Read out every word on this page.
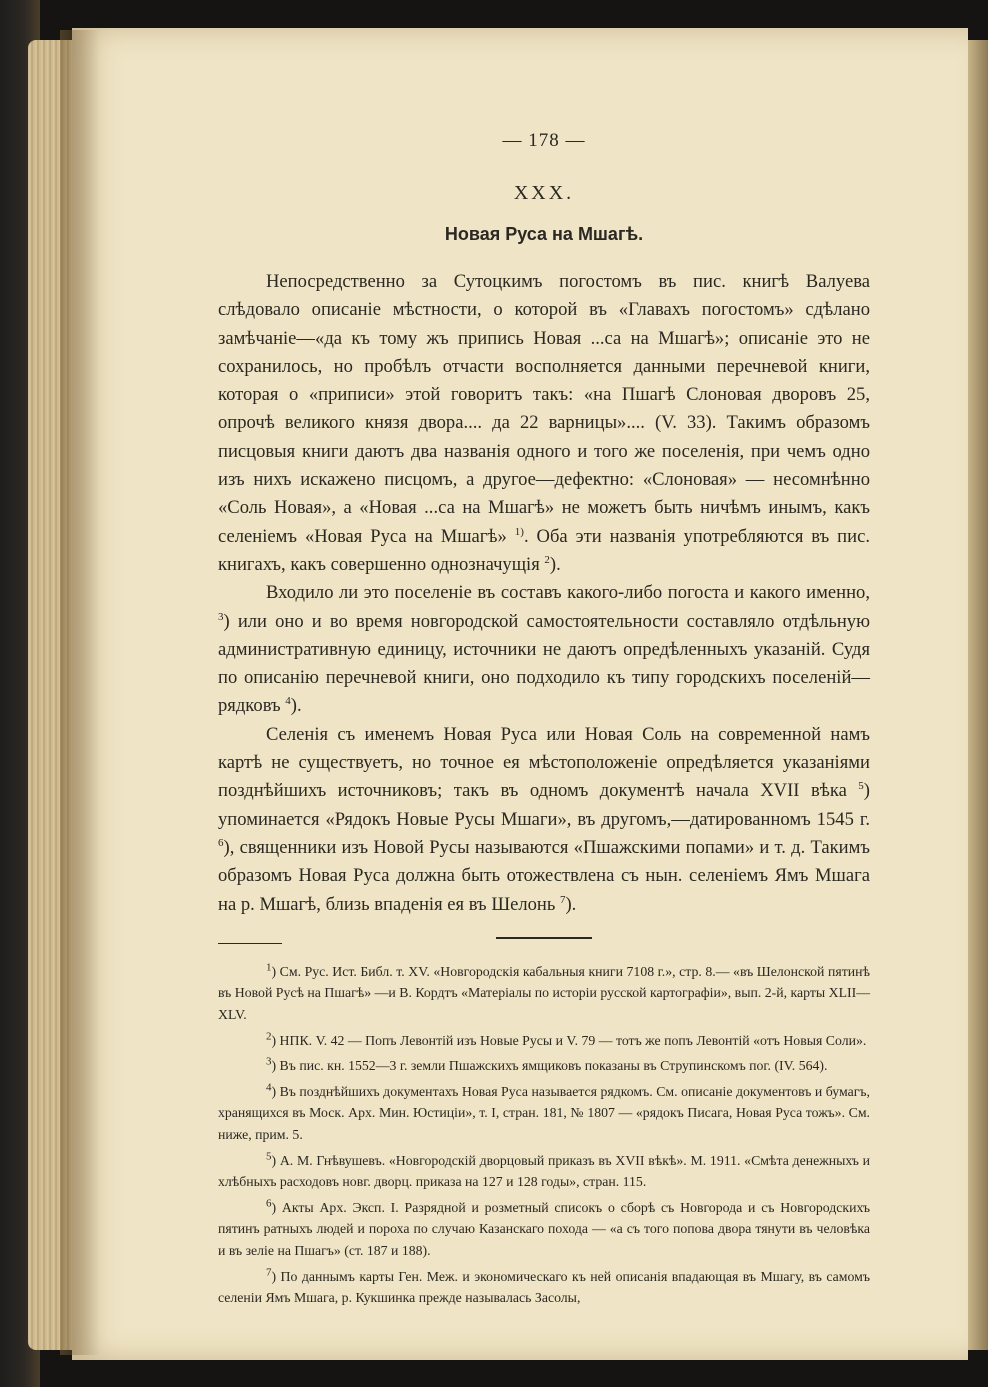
— 178 —
XXX.
Новая Руса на Мшагѣ.

Непосредственно за Сутоцкимъ погостомъ въ пис. книгѣ Валуева слѣдовало описаніе мѣстности, о которой въ «Главахъ погостомъ» сдѣлано замѣчаніе—«да къ тому жъ припись Новая ...са на Мшагѣ»; описаніе это не сохранилось, но пробѣлъ отчасти восполняется данными перечневой книги, которая о «приписи» этой говоритъ такъ: «на Пшагѣ Слоновая дворовъ 25, опрочѣ великого князя двора.... да 22 варницы».... (V. 33). Такимъ образомъ писцовыя книги даютъ два названія одного и того же поселенія, при чемъ одно изъ нихъ искажено писцомъ, а другое—дефектно: «Слоновая» — несомнѣнно «Соль Новая», а «Новая ...са на Мшагѣ» не можетъ быть ничѣмъ инымъ, какъ селеніемъ «Новая Руса на Мшагѣ» $^{1)}$. Оба эти названія употребляются въ пис. книгахъ, какъ совершенно однозначущія $^2$).

Входило ли это поселеніе въ составъ какого-либо погоста и какого именно, $^3$) или оно и во время новгородской самостоятельности составляло отдѣльную административную единицу, источники не даютъ опредѣленныхъ указаній. Судя по описанію перечневой книги, оно подходило къ типу городскихъ поселеній—рядковъ $^4$).

Селенія съ именемъ Новая Руса или Новая Соль на современной намъ картѣ не существуетъ, но точное ея мѣстоположеніе опредѣляется указаніями позднѣйшихъ источниковъ; такъ въ одномъ документѣ начала XVII вѣка $^5$) упоминается «Рядокъ Новые Русы Мшаги», въ другомъ,—датированномъ 1545 г. $^6$), священники изъ Новой Русы называются «Пшажскими попами» и т. д. Такимъ образомъ Новая Руса должна быть отожествлена съ нын. селеніемъ Ямъ Мшага на р. Мшагѣ, близь впаденія ея въ Шелонь $^7$).

$^1$) См. Рус. Ист. Библ. т. XV. «Новгородскія кабальныя книги 7108 г.», стр. 8.— «въ Шелонской пятинѣ въ Новой Русѣ на Пшагѣ» —и В. Кордтъ «Матеріалы по исторіи русской картографіи», вып. 2-й, карты XLII—XLV.

$^2$) НПК. V. 42 — Попъ Левонтій изъ Новые Русы и V. 79 — тотъ же попъ Левонтій «отъ Новыя Соли».

$^3$) Въ пис. кн. 1552—3 г. земли Пшажскихъ ямщиковъ показаны въ Струпинскомъ пог. (IV. 564).

$^4$) Въ позднѣйшихъ документахъ Новая Руса называется рядкомъ. См. описаніе документовъ и бумагъ, хранящихся въ Моск. Арх. Мин. Юстиціи», т. I, стран. 181, № 1807 — «рядокъ Писага, Новая Руса тожъ». См. ниже, прим. 5.

$^5$) А. М. Гнѣвушевъ. «Новгородскій дворцовый приказъ въ XVII вѣкѣ». М. 1911. «Смѣта денежныхъ и хлѣбныхъ расходовъ новг. дворц. приказа на 127 и 128 годы», стран. 115.

$^6$) Акты Арх. Эксп. I. Разрядной и розметный списокъ о сборѣ съ Новгорода и съ Новгородскихъ пятинъ ратныхъ людей и пороха по случаю Казанскаго похода — «а съ того попова двора тянути въ человѣка и въ зеліе на Пшагъ» (ст. 187 и 188).

$^7$) По даннымъ карты Ген. Меж. и экономическаго къ ней описанія впадающая въ Мшагу, въ самомъ селеніи Ямъ Мшага, р. Кукшинка прежде называлась Засолы,
